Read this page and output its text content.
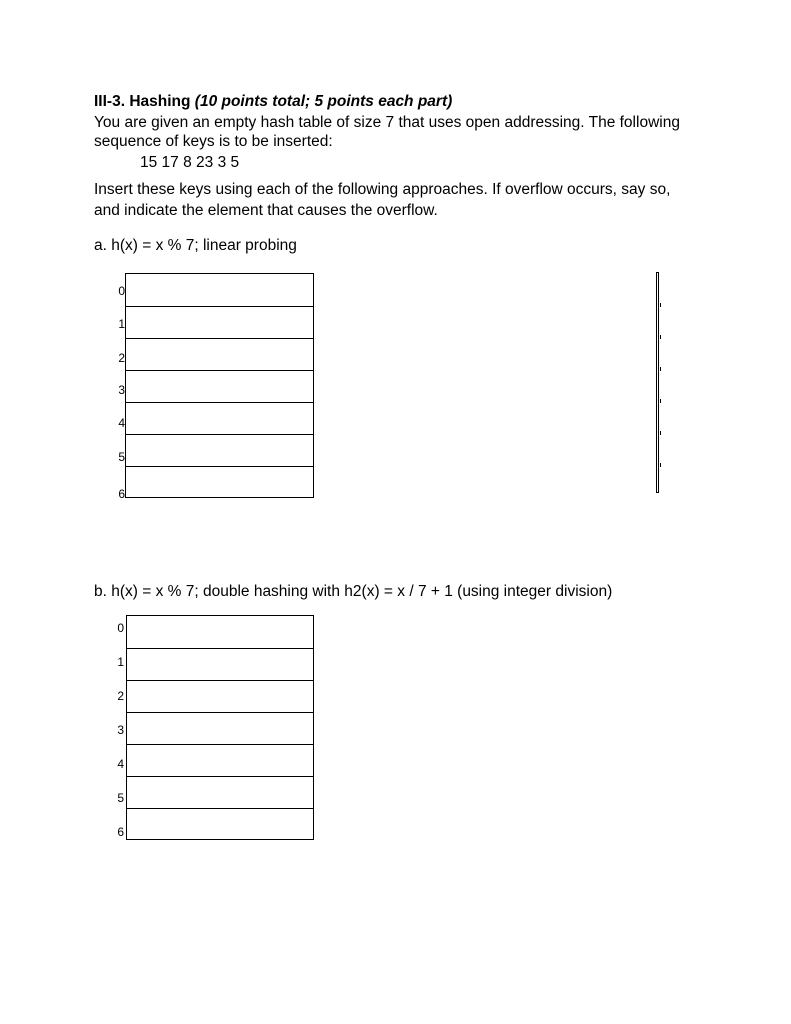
III-3. Hashing (10 points total; 5 points each part)
You are given an empty hash table of size 7 that uses open addressing. The following
sequence of keys is to be inserted:
15 17 8 23 3 5
Insert these keys using each of the following approaches. If overflow occurs, say so,
and indicate the element that causes the overflow.
a. h(x) = x % 7; linear probing
0
1
2
3
4
5
6
b. h(x) = x % 7; double hashing with h2(x) = x / 7 + 1 (using integer division)
0
1
2
3
4
5
6
